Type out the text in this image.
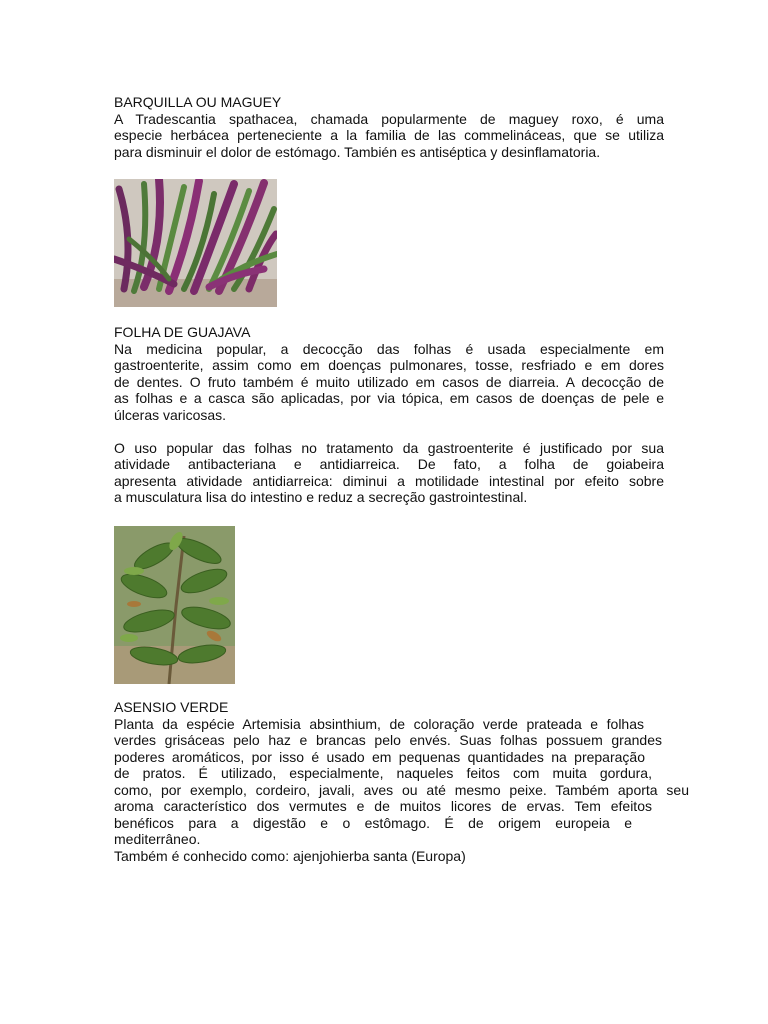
BARQUILLA OU MAGUEY
A Tradescantia spathacea, chamada popularmente de maguey roxo, é uma
especie herbácea perteneciente a la familia de las commelináceas, que se utiliza
para disminuir el dolor de estómago. También es antiséptica y desinflamatoria.
FOLHA DE GUAJAVA
Na medicina popular, a decocção das folhas é usada especialmente em
gastroenterite, assim como em doenças pulmonares, tosse, resfriado e em dores
de dentes. O fruto também é muito utilizado em casos de diarreia. A decocção de
as folhas e a casca são aplicadas, por via tópica, em casos de doenças de pele e
úlceras varicosas.
O uso popular das folhas no tratamento da gastroenterite é justificado por sua
atividade antibacteriana e antidiarreica. De fato, a folha de goiabeira
apresenta atividade antidiarreica: diminui a motilidade intestinal por efeito sobre
a musculatura lisa do intestino e reduz a secreção gastrointestinal.
ASENSIO VERDE
Planta da espécie Artemisia absinthium, de coloração verde prateada e folhas
verdes grisáceas pelo haz e brancas pelo envés. Suas folhas possuem grandes
poderes aromáticos, por isso é usado em pequenas quantidades na preparação
de pratos. É utilizado, especialmente, naqueles feitos com muita gordura,
como, por exemplo, cordeiro, javali, aves ou até mesmo peixe. Também aporta seu
aroma característico dos vermutes e de muitos licores de ervas. Tem efeitos
benéficos para a digestão e o estômago. É de origem europeia e
mediterrâneo.
Também é conhecido como: ajenjohierba santa (Europa)
